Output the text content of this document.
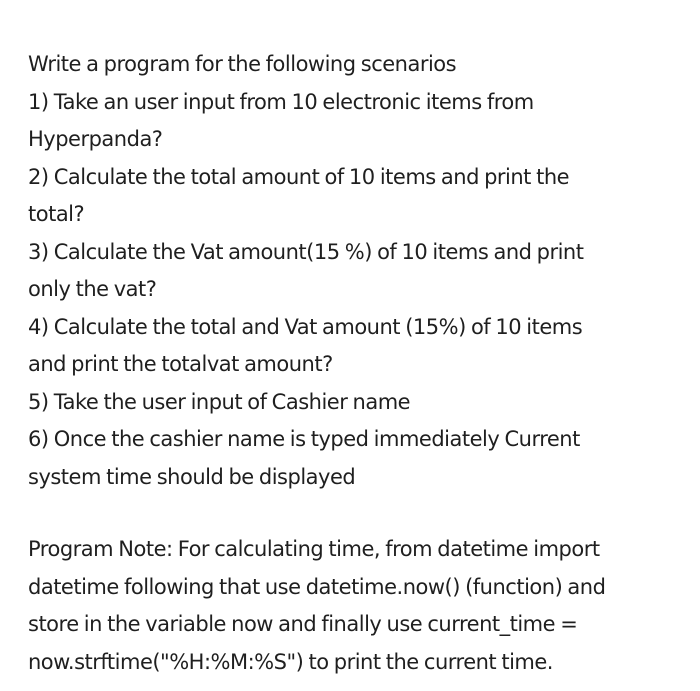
Write a program for the following scenarios
1) Take an user input from 10 electronic items from
Hyperpanda?
2) Calculate the total amount of 10 items and print the
total?
3) Calculate the Vat amount(15 %) of 10 items and print
only the vat?
4) Calculate the total and Vat amount (15%) of 10 items
and print the totalvat amount?
5) Take the user input of Cashier name
6) Once the cashier name is typed immediately Current
system time should be displayed
Program Note: For calculating time, from datetime import
datetime following that use datetime.now() (function) and
store in the variable now and finally use current_time =
now.strftime("%H:%M:%S") to print the current time.
